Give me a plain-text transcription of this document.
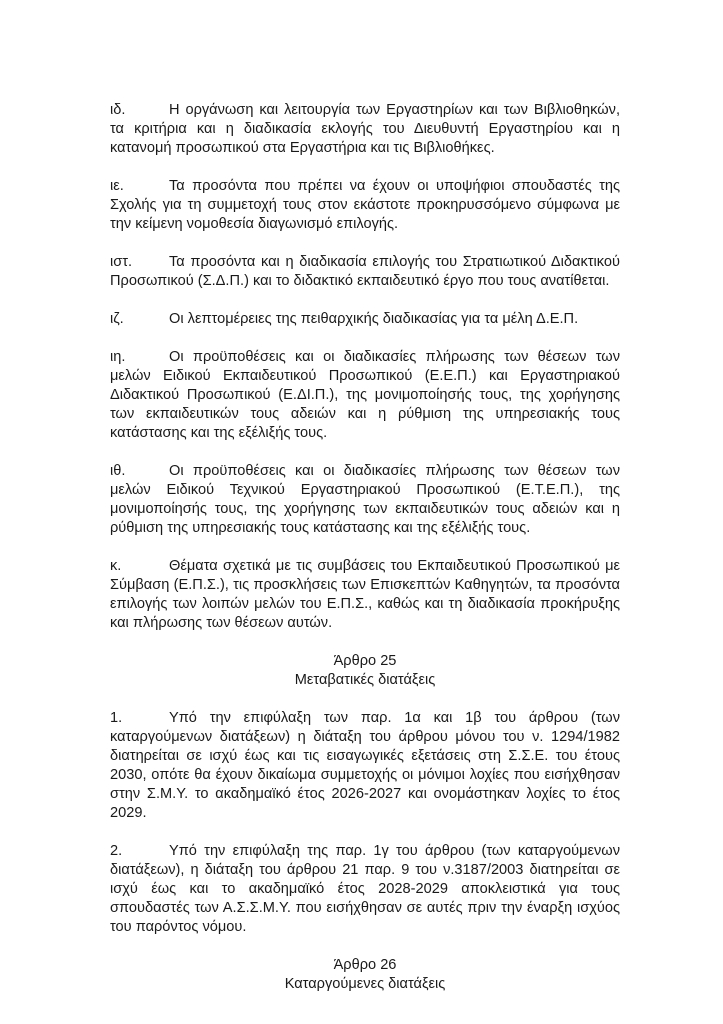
ιδ.	Η οργάνωση και λειτουργία των Εργαστηρίων και των Βιβλιοθηκών, τα κριτήρια και η διαδικασία εκλογής του Διευθυντή Εργαστηρίου και η κατανομή προσωπικού στα Εργαστήρια και τις Βιβλιοθήκες.
ιε.	Τα προσόντα που πρέπει να έχουν οι υποψήφιοι σπουδαστές της Σχολής για τη συμμετοχή τους στον εκάστοτε προκηρυσσόμενο σύμφωνα με την κείμενη νομοθεσία διαγωνισμό επιλογής.
ιστ.	Τα προσόντα και η διαδικασία επιλογής του Στρατιωτικού Διδακτικού Προσωπικού (Σ.Δ.Π.) και το διδακτικό εκπαιδευτικό έργο που τους ανατίθεται.
ιζ.	Οι λεπτομέρειες της πειθαρχικής διαδικασίας για τα μέλη Δ.Ε.Π.
ιη.	Οι προϋποθέσεις και οι διαδικασίες πλήρωσης των θέσεων των μελών Ειδικού Εκπαιδευτικού Προσωπικού (Ε.Ε.Π.) και Εργαστηριακού Διδακτικού Προσωπικού (Ε.ΔΙ.Π.), της μονιμοποίησής τους, της χορήγησης των εκπαιδευτικών τους αδειών και η ρύθμιση της υπηρεσιακής τους κατάστασης και της εξέλιξής τους.
ιθ.	Οι προϋποθέσεις και οι διαδικασίες πλήρωσης των θέσεων των μελών Ειδικού Τεχνικού Εργαστηριακού Προσωπικού (Ε.Τ.Ε.Π.), της μονιμοποίησής τους, της χορήγησης των εκπαιδευτικών τους αδειών και η ρύθμιση της υπηρεσιακής τους κατάστασης και της εξέλιξής τους.
κ.	Θέματα σχετικά με τις συμβάσεις του Εκπαιδευτικού Προσωπικού με Σύμβαση (Ε.Π.Σ.), τις προσκλήσεις των Επισκεπτών Καθηγητών, τα προσόντα επιλογής των λοιπών μελών του Ε.Π.Σ., καθώς και τη διαδικασία προκήρυξης και πλήρωσης των θέσεων αυτών.
Άρθρο 25
Μεταβατικές διατάξεις
1.	Υπό την επιφύλαξη των παρ. 1α και 1β του άρθρου (των καταργούμενων διατάξεων) η διάταξη του άρθρου μόνου του ν. 1294/1982 διατηρείται σε ισχύ έως και τις εισαγωγικές εξετάσεις στη Σ.Σ.Ε. του έτους 2030, οπότε θα έχουν δικαίωμα συμμετοχής οι μόνιμοι λοχίες που εισήχθησαν στην Σ.Μ.Υ. το ακαδημαϊκό έτος 2026-2027 και ονομάστηκαν λοχίες το έτος 2029.
2.	Υπό την επιφύλαξη της παρ. 1γ του άρθρου (των καταργούμενων διατάξεων), η διάταξη του άρθρου 21 παρ. 9 του ν.3187/2003 διατηρείται σε ισχύ έως και το ακαδημαϊκό έτος 2028-2029 αποκλειστικά για τους σπουδαστές των Α.Σ.Σ.Μ.Υ. που εισήχθησαν σε αυτές πριν την έναρξη ισχύος του παρόντος νόμου.
Άρθρο 26
Καταργούμενες διατάξεις
